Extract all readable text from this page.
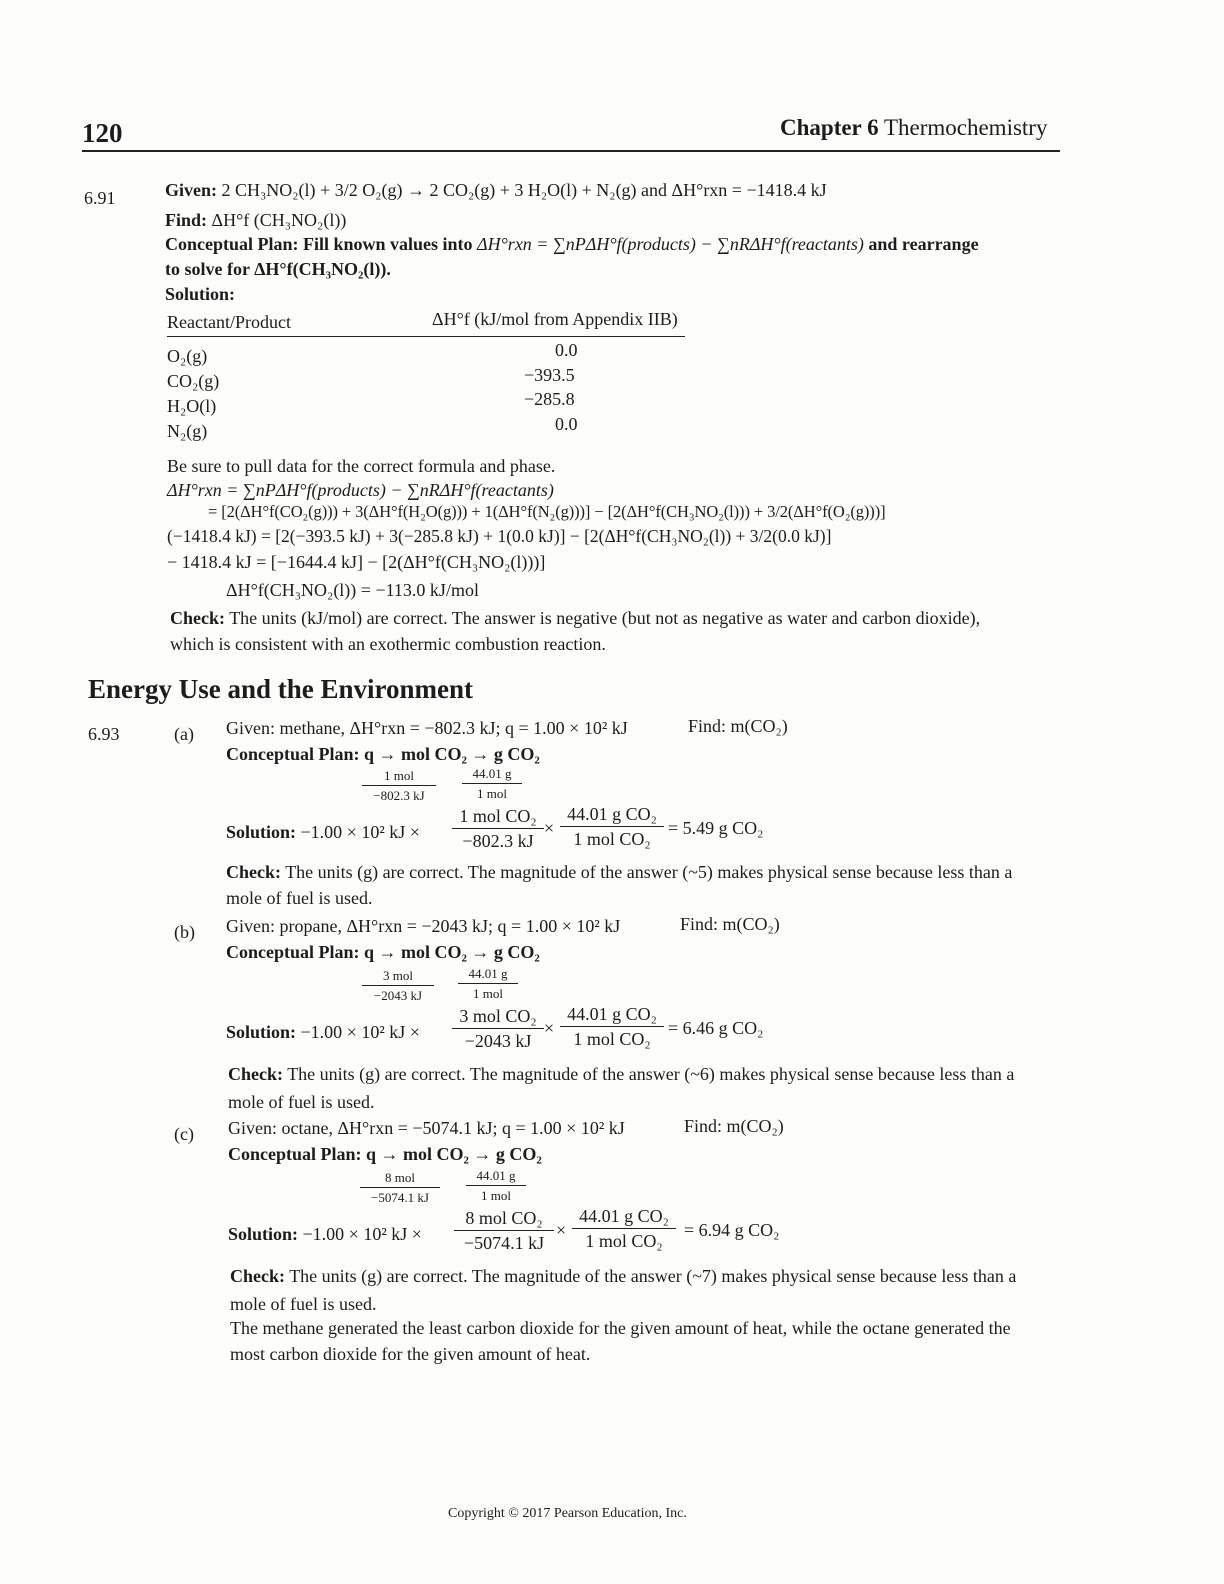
120	Chapter 6 Thermochemistry
6.91	Given: 2 CH₃NO₂(l) + 3/2 O₂(g) → 2 CO₂(g) + 3 H₂O(l) + N₂(g) and ΔH°rxn = −1418.4 kJ
Find: ΔH°f (CH₃NO₂(l))
Conceptual Plan: Fill known values into ΔH°rxn = ∑nPΔH°f(products) − ∑nRΔH°f(reactants) and rearrange
to solve for ΔH°f(CH₃NO₂(l)).
Solution:
Reactant/Product	ΔH°f (kJ/mol from Appendix IIB)
O₂(g)	0.0
CO₂(g)	−393.5
H₂O(l)	−285.8
N₂(g)	0.0
Be sure to pull data for the correct formula and phase.
ΔH°rxn = ∑nPΔH°f(products) − ∑nRΔH°f(reactants)
= [2(ΔH°f(CO₂(g))) + 3(ΔH°f(H₂O(g))) + 1(ΔH°f(N₂(g)))] − [2(ΔH°f(CH₃NO₂(l))) + 3/2(ΔH°f(O₂(g)))]
(−1418.4 kJ) = [2(−393.5 kJ) + 3(−285.8 kJ) + 1(0.0 kJ)] − [2(ΔH°f(CH₃NO₂(l)) + 3/2(0.0 kJ)]
− 1418.4 kJ = [−1644.4 kJ] − [2(ΔH°f(CH₃NO₂(l)))]
ΔH°f(CH₃NO₂(l)) = −113.0 kJ/mol
Check: The units (kJ/mol) are correct. The answer is negative (but not as negative as water and carbon dioxide),
which is consistent with an exothermic combustion reaction.
Energy Use and the Environment
6.93	(a) Given: methane, ΔH°rxn = −802.3 kJ; q = 1.00 × 10² kJ	Find: m(CO₂)
Conceptual Plan: q → mol CO₂ → g CO₂
1 mol
−802.3 kJ
44.01 g
1 mol
Solution: −1.00 × 10² kJ ×
1 mol CO₂
−802.3 kJ
×
44.01 g CO₂
1 mol CO₂
= 5.49 g CO₂
Check: The units (g) are correct. The magnitude of the answer (~5) makes physical sense because less than a
mole of fuel is used.
(b) Given: propane, ΔH°rxn = −2043 kJ; q = 1.00 × 10² kJ	Find: m(CO₂)
Conceptual Plan: q → mol CO₂ → g CO₂
3 mol
−2043 kJ
44.01 g
1 mol
Solution: −1.00 × 10² kJ ×
3 mol CO₂
−2043 kJ
×
44.01 g CO₂
1 mol CO₂
= 6.46 g CO₂
Check: The units (g) are correct. The magnitude of the answer (~6) makes physical sense because less than a
mole of fuel is used.
(c) Given: octane, ΔH°rxn = −5074.1 kJ; q = 1.00 × 10² kJ	Find: m(CO₂)
Conceptual Plan: q → mol CO₂ → g CO₂
8 mol
−5074.1 kJ
44.01 g
1 mol
Solution: −1.00 × 10² kJ ×
8 mol CO₂
−5074.1 kJ
×
44.01 g CO₂
1 mol CO₂
= 6.94 g CO₂
Check: The units (g) are correct. The magnitude of the answer (~7) makes physical sense because less than a
mole of fuel is used.
The methane generated the least carbon dioxide for the given amount of heat, while the octane generated the
most carbon dioxide for the given amount of heat.
Copyright © 2017 Pearson Education, Inc.
